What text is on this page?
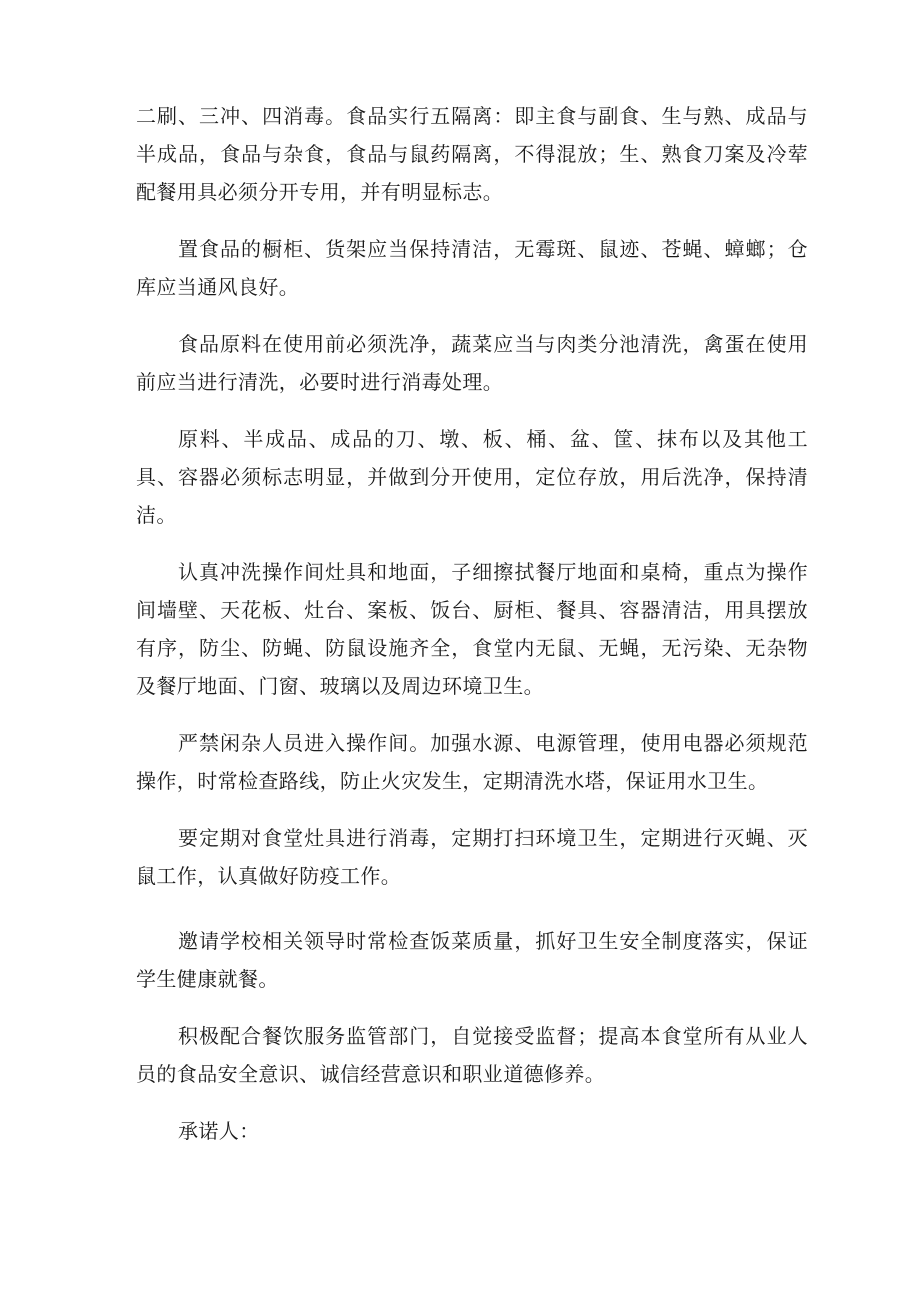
二刷、三冲、四消毒。食品实行五隔离：即主食与副食、生与熟、成品与半成品，食品与杂食，食品与鼠药隔离，不得混放；生、熟食刀案及冷荤配餐用具必须分开专用，并有明显标志。

置食品的橱柜、货架应当保持清洁，无霉斑、鼠迹、苍蝇、蟑螂；仓库应当通风良好。

食品原料在使用前必须洗净，蔬菜应当与肉类分池清洗，禽蛋在使用前应当进行清洗，必要时进行消毒处理。

原料、半成品、成品的刀、墩、板、桶、盆、筐、抹布以及其他工具、容器必须标志明显，并做到分开使用，定位存放，用后洗净，保持清洁。

认真冲洗操作间灶具和地面，子细擦拭餐厅地面和桌椅，重点为操作间墙壁、天花板、灶台、案板、饭台、厨柜、餐具、容器清洁，用具摆放有序，防尘、防蝇、防鼠设施齐全，食堂内无鼠、无蝇，无污染、无杂物及餐厅地面、门窗、玻璃以及周边环境卫生。

严禁闲杂人员进入操作间。加强水源、电源管理，使用电器必须规范操作，时常检查路线，防止火灾发生，定期清洗水塔，保证用水卫生。

要定期对食堂灶具进行消毒，定期打扫环境卫生，定期进行灭蝇、灭鼠工作，认真做好防疫工作。

邀请学校相关领导时常检查饭菜质量，抓好卫生安全制度落实，保证学生健康就餐。

积极配合餐饮服务监管部门，自觉接受监督；提高本食堂所有从业人员的食品安全意识、诚信经营意识和职业道德修养。

承诺人：
